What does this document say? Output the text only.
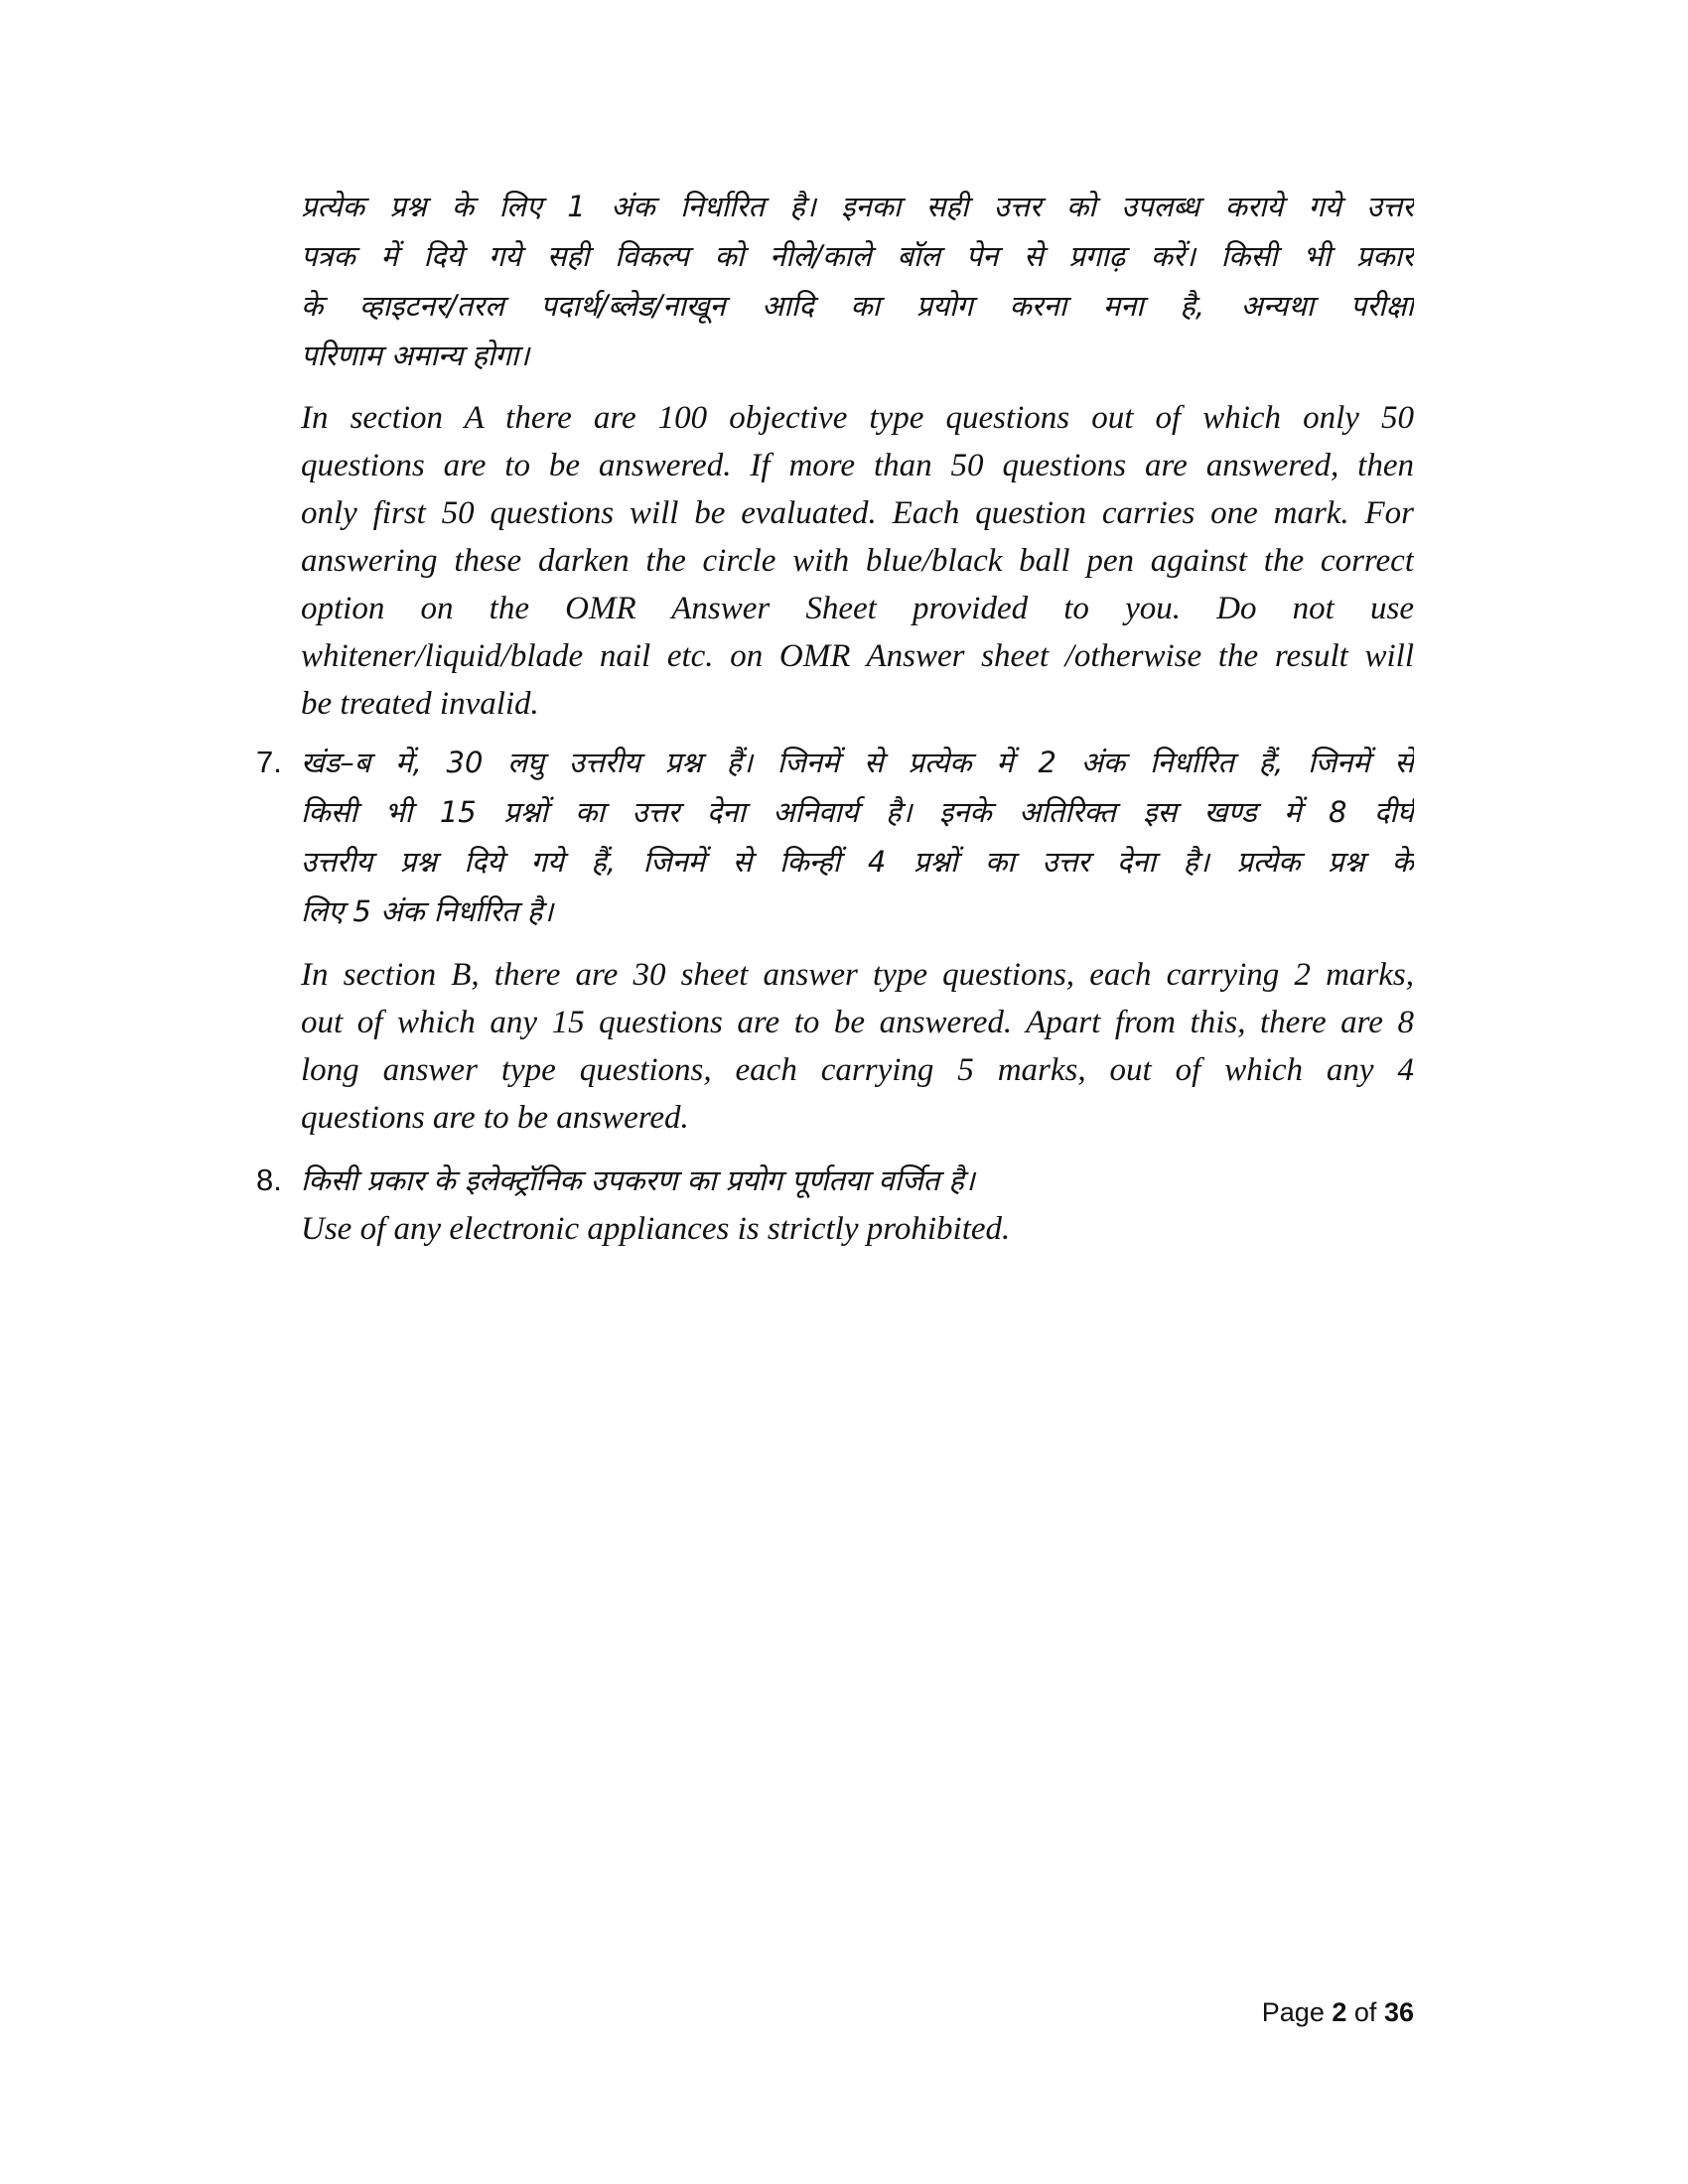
प्रत्येक प्रश्न के लिए 1 अंक निर्धारित है। इनका सही उत्तर को उपलब्ध कराये गये उत्तर
पत्रक में दिये गये सही विकल्प को नीले/काले बॉल पेन से प्रगाढ़ करें। किसी भी प्रकार
के व्हाइटनर/तरल पदार्थ/ब्लेड/नाखून आदि का प्रयोग करना मना है, अन्यथा परीक्षा
परिणाम अमान्य होगा।
In section A there are 100 objective type questions out of which only 50
questions are to be answered. If more than 50 questions are answered, then
only first 50 questions will be evaluated. Each question carries one mark. For
answering these darken the circle with blue/black ball pen against the correct
option on the OMR Answer Sheet provided to you. Do not use
whitener/liquid/blade nail etc. on OMR Answer sheet /otherwise the result will
be treated invalid.
7. खंड–ब में, 30 लघु उत्तरीय प्रश्न हैं। जिनमें से प्रत्येक में 2 अंक निर्धारित हैं, जिनमें से
किसी भी 15 प्रश्नों का उत्तर देना अनिवार्य है। इनके अतिरिक्त इस खण्ड में 8 दीर्घ
उत्तरीय प्रश्न दिये गये हैं, जिनमें से किन्हीं 4 प्रश्नों का उत्तर देना है। प्रत्येक प्रश्न के
लिए 5 अंक निर्धारित है।
In section B, there are 30 sheet answer type questions, each carrying 2 marks,
out of which any 15 questions are to be answered. Apart from this, there are 8
long answer type questions, each carrying 5 marks, out of which any 4
questions are to be answered.
8. किसी प्रकार के इलेक्ट्रॉनिक उपकरण का प्रयोग पूर्णतया वर्जित है।
Use of any electronic appliances is strictly prohibited.
Page 2 of 36
